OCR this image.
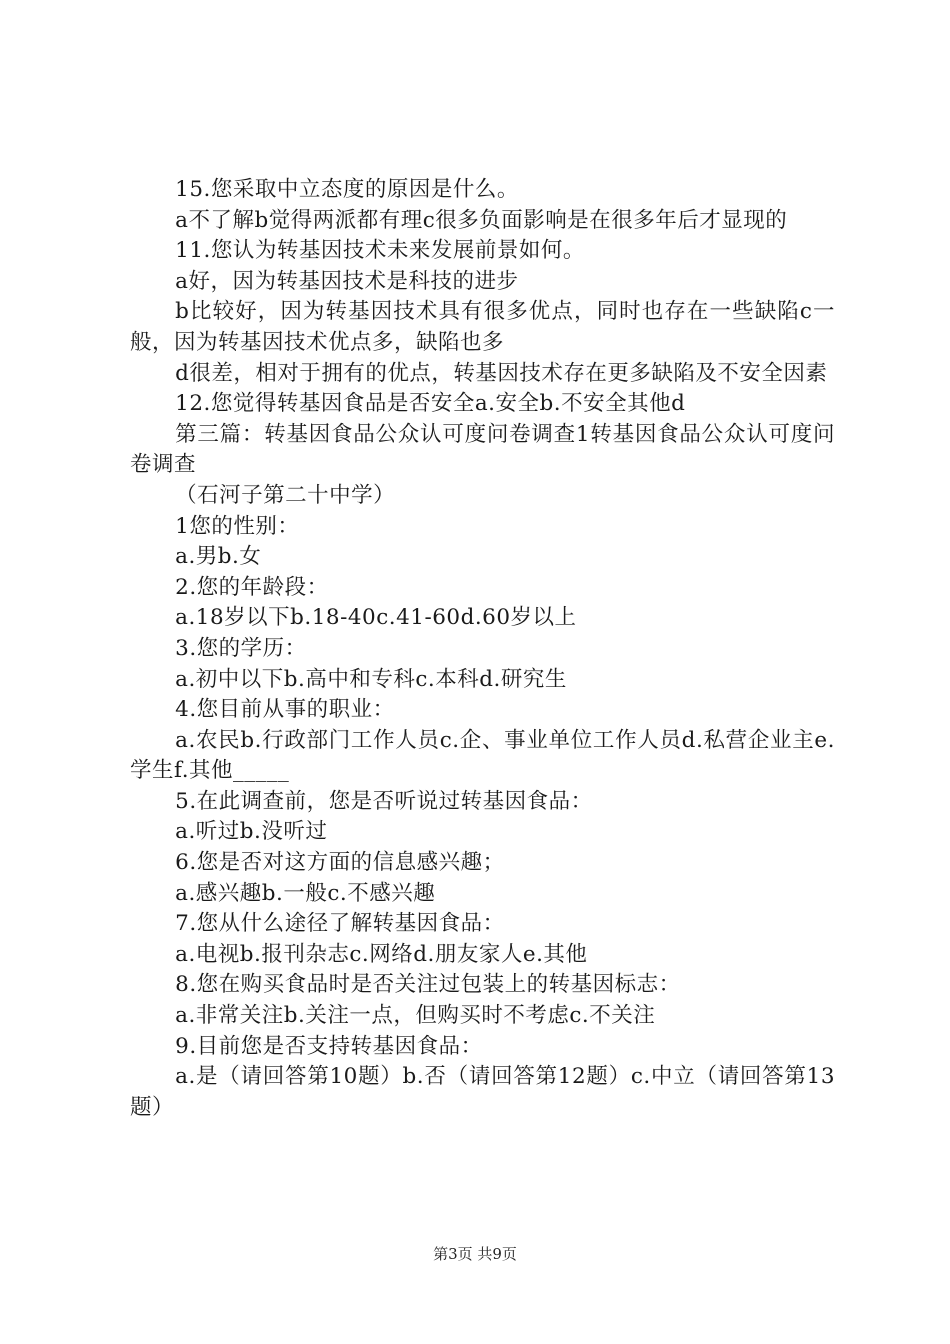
15.您采取中立态度的原因是什么。

a不了解b觉得两派都有理c很多负面影响是在很多年后才显现的

11.您认为转基因技术未来发展前景如何。

a好，因为转基因技术是科技的进步

b比较好，因为转基因技术具有很多优点，同时也存在一些缺陷c一般，因为转基因技术优点多，缺陷也多

d很差，相对于拥有的优点，转基因技术存在更多缺陷及不安全因素

12.您觉得转基因食品是否安全a.安全b.不安全其他d

第三篇：转基因食品公众认可度问卷调查1转基因食品公众认可度问卷调查

（石河子第二十中学）

1您的性别：

a.男b.女

2.您的年龄段：

a.18岁以下b.18-40c.41-60d.60岁以上

3.您的学历：

a.初中以下b.高中和专科c.本科d.研究生

4.您目前从事的职业：

a.农民b.行政部门工作人员c.企、事业单位工作人员d.私营企业主e.学生f.其他_____

5.在此调查前，您是否听说过转基因食品：

a.听过b.没听过

6.您是否对这方面的信息感兴趣；

a.感兴趣b.一般c.不感兴趣

7.您从什么途径了解转基因食品：

a.电视b.报刊杂志c.网络d.朋友家人e.其他

8.您在购买食品时是否关注过包装上的转基因标志：

a.非常关注b.关注一点，但购买时不考虑c.不关注

9.目前您是否支持转基因食品：

a.是（请回答第10题）b.否（请回答第12题）c.中立（请回答第13题）

第3页 共9页
